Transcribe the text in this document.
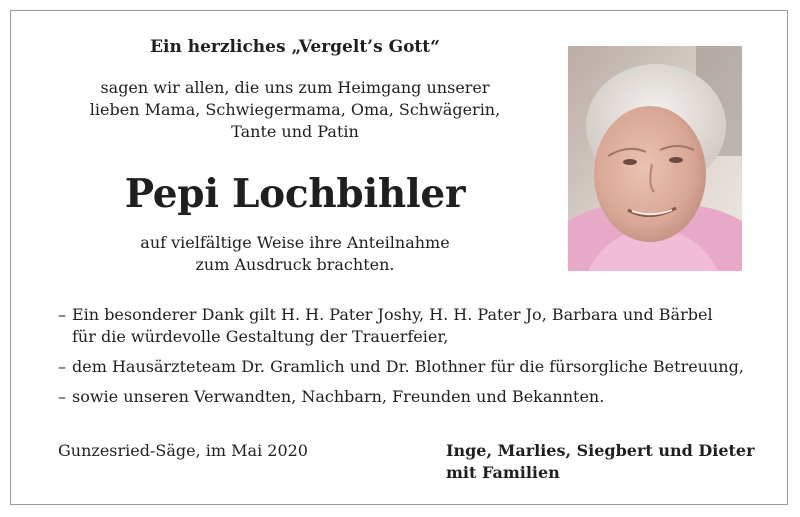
Ein herzliches „Vergelt’s Gott“
sagen wir allen, die uns zum Heimgang unserer
lieben Mama, Schwiegermama, Oma, Schwägerin,
Tante und Patin
Pepi Lochbihler
auf vielfältige Weise ihre Anteilnahme
zum Ausdruck brachten.
– Ein besonderer Dank gilt H. H. Pater Joshy, H. H. Pater Jo, Barbara und Bärbel
für die würdevolle Gestaltung der Trauerfeier,
– dem Hausärzteteam Dr. Gramlich und Dr. Blothner für die fürsorgliche Betreuung,
– sowie unseren Verwandten, Nachbarn, Freunden und Bekannten.
Gunzesried-Säge, im Mai 2020	Inge, Marlies, Siegbert und Dieter
mit Familien
